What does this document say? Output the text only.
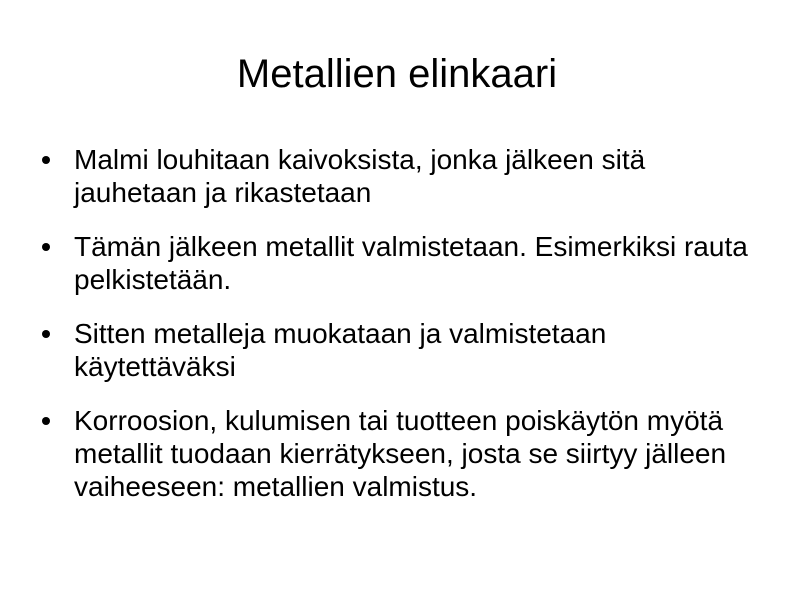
Metallien elinkaari
Malmi louhitaan kaivoksista, jonka jälkeen sitä jauhetaan ja rikastetaan
Tämän jälkeen metallit valmistetaan. Esimerkiksi rauta pelkistetään.
Sitten metalleja muokataan ja valmistetaan käytettäväksi
Korroosion, kulumisen tai tuotteen poiskäytön myötä metallit tuodaan kierrätykseen, josta se siirtyy jälleen vaiheeseen: metallien valmistus.
